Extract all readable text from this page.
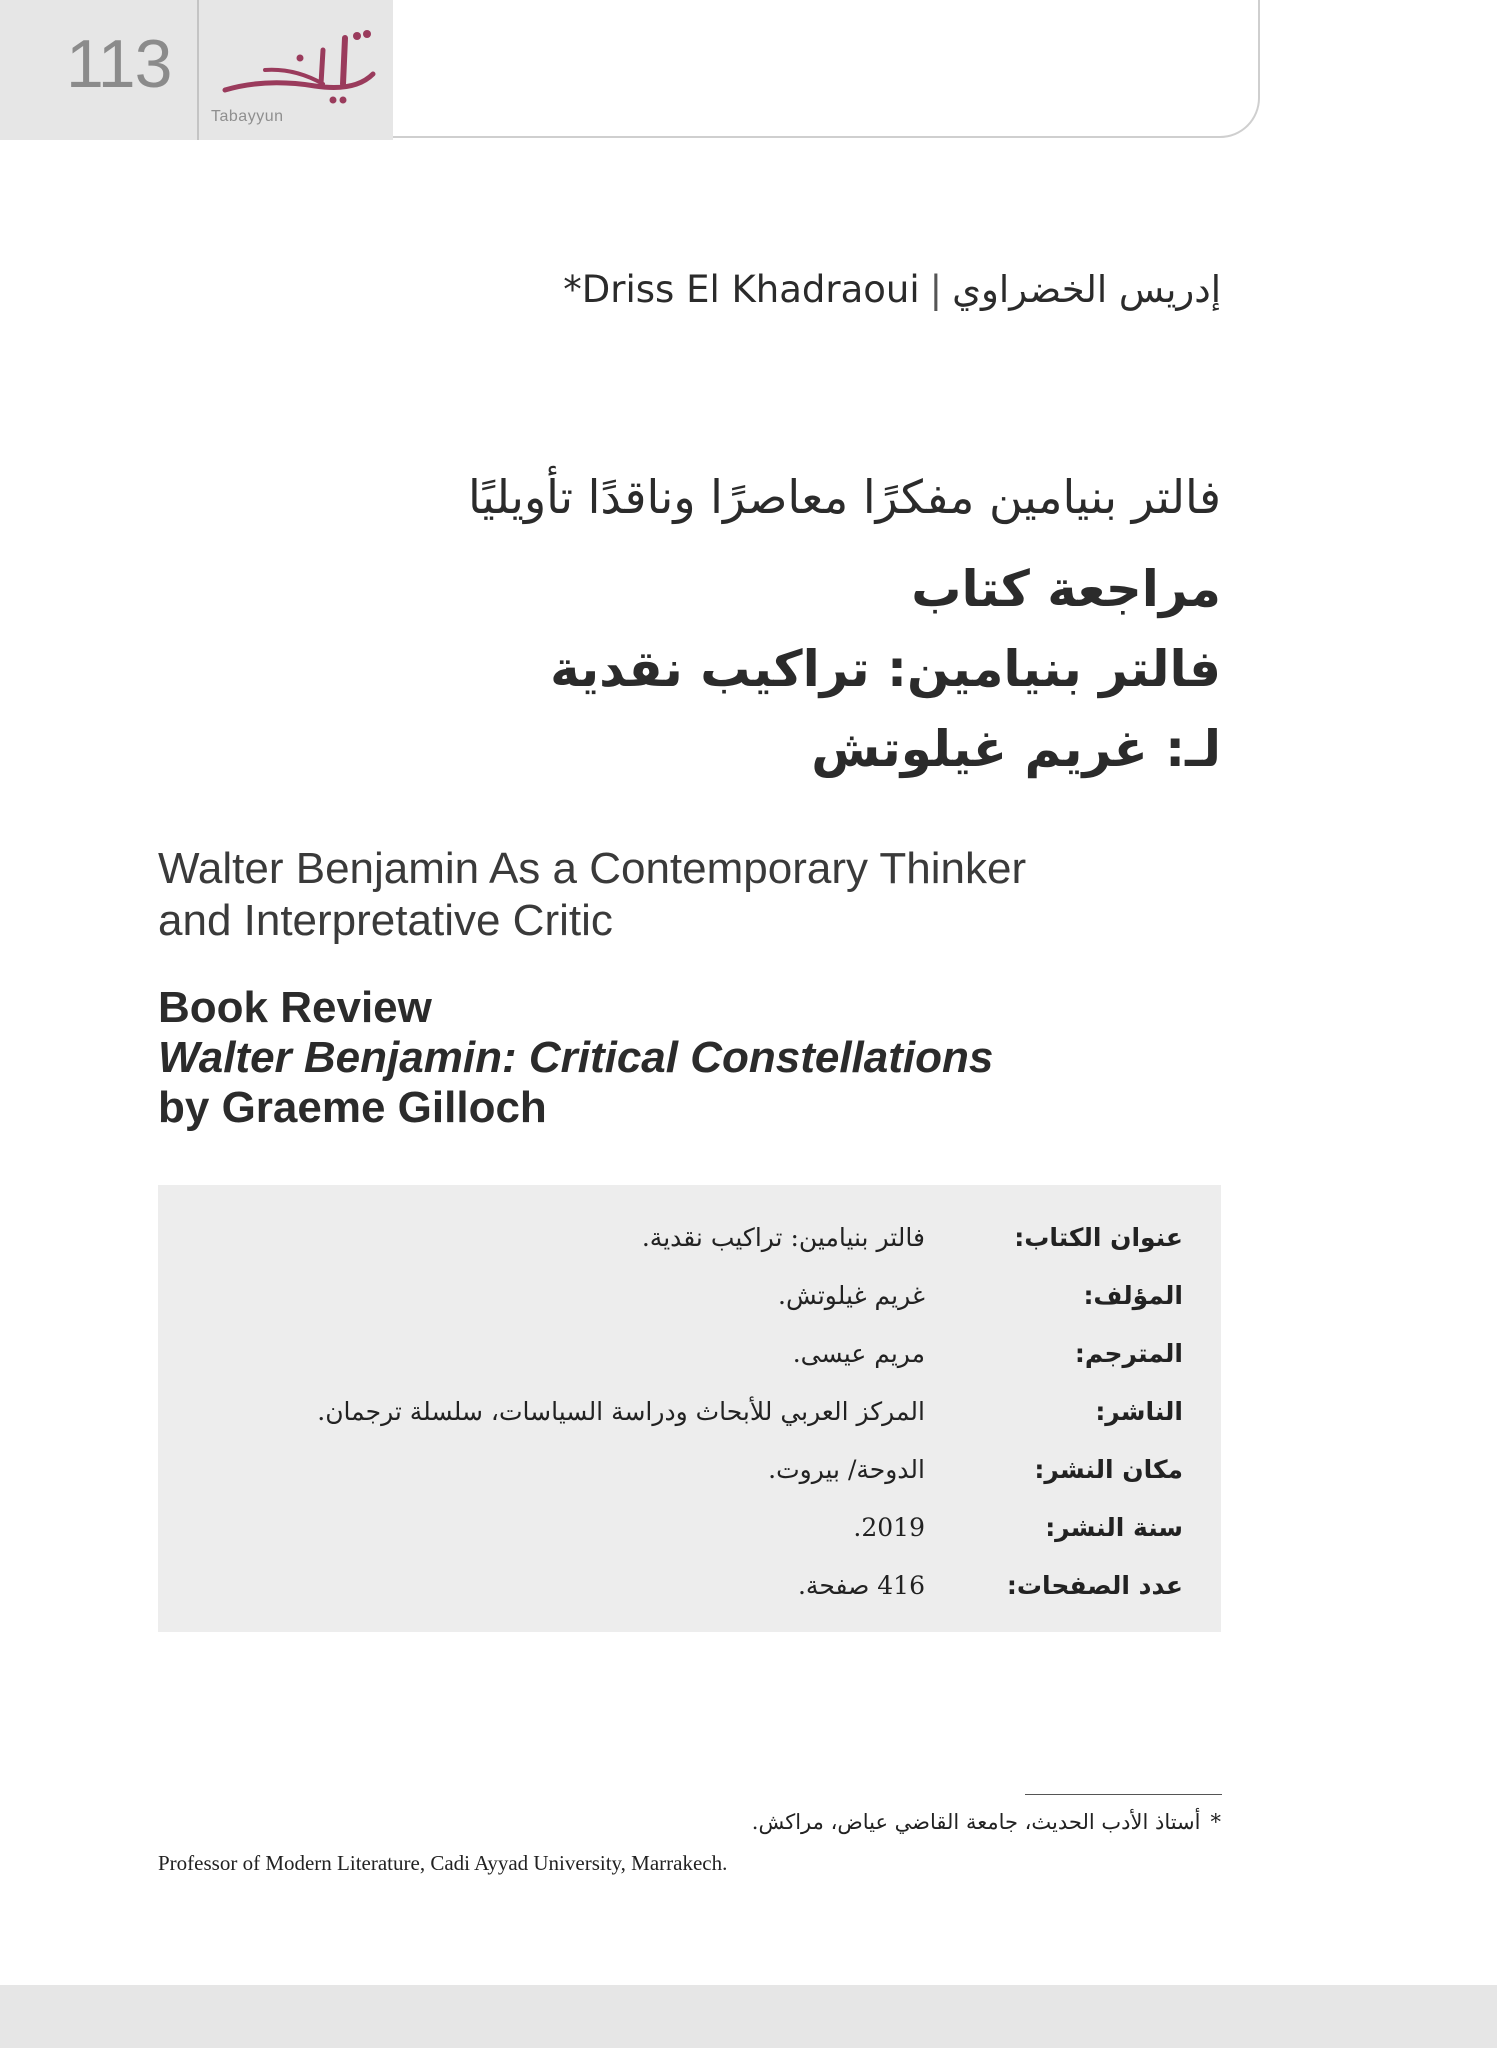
113
Tabayyun
*Driss El Khadraoui | إدريس الخضراوي
فالتر بنيامين مفكرًا معاصرًا وناقدًا تأويليًا
مراجعة كتاب
فالتر بنيامين: تراكيب نقدية
لـ: غريم غيلوتش
Walter Benjamin As a Contemporary Thinker
and Interpretative Critic
Book Review
Walter Benjamin: Critical Constellations
by Graeme Gilloch
عنوان الكتاب:فالتر بنيامين: تراكيب نقدية.
المؤلف:غريم غيلوتش.
المترجم:مريم عيسى.
الناشر:المركز العربي للأبحاث ودراسة السياسات، سلسلة ترجمان.
مكان النشر:الدوحة/ بيروت.
سنة النشر:2019.
عدد الصفحات:416 صفحة.
*أستاذ الأدب الحديث، جامعة القاضي عياض، مراكش.
Professor of Modern Literature, Cadi Ayyad University, Marrakech.
